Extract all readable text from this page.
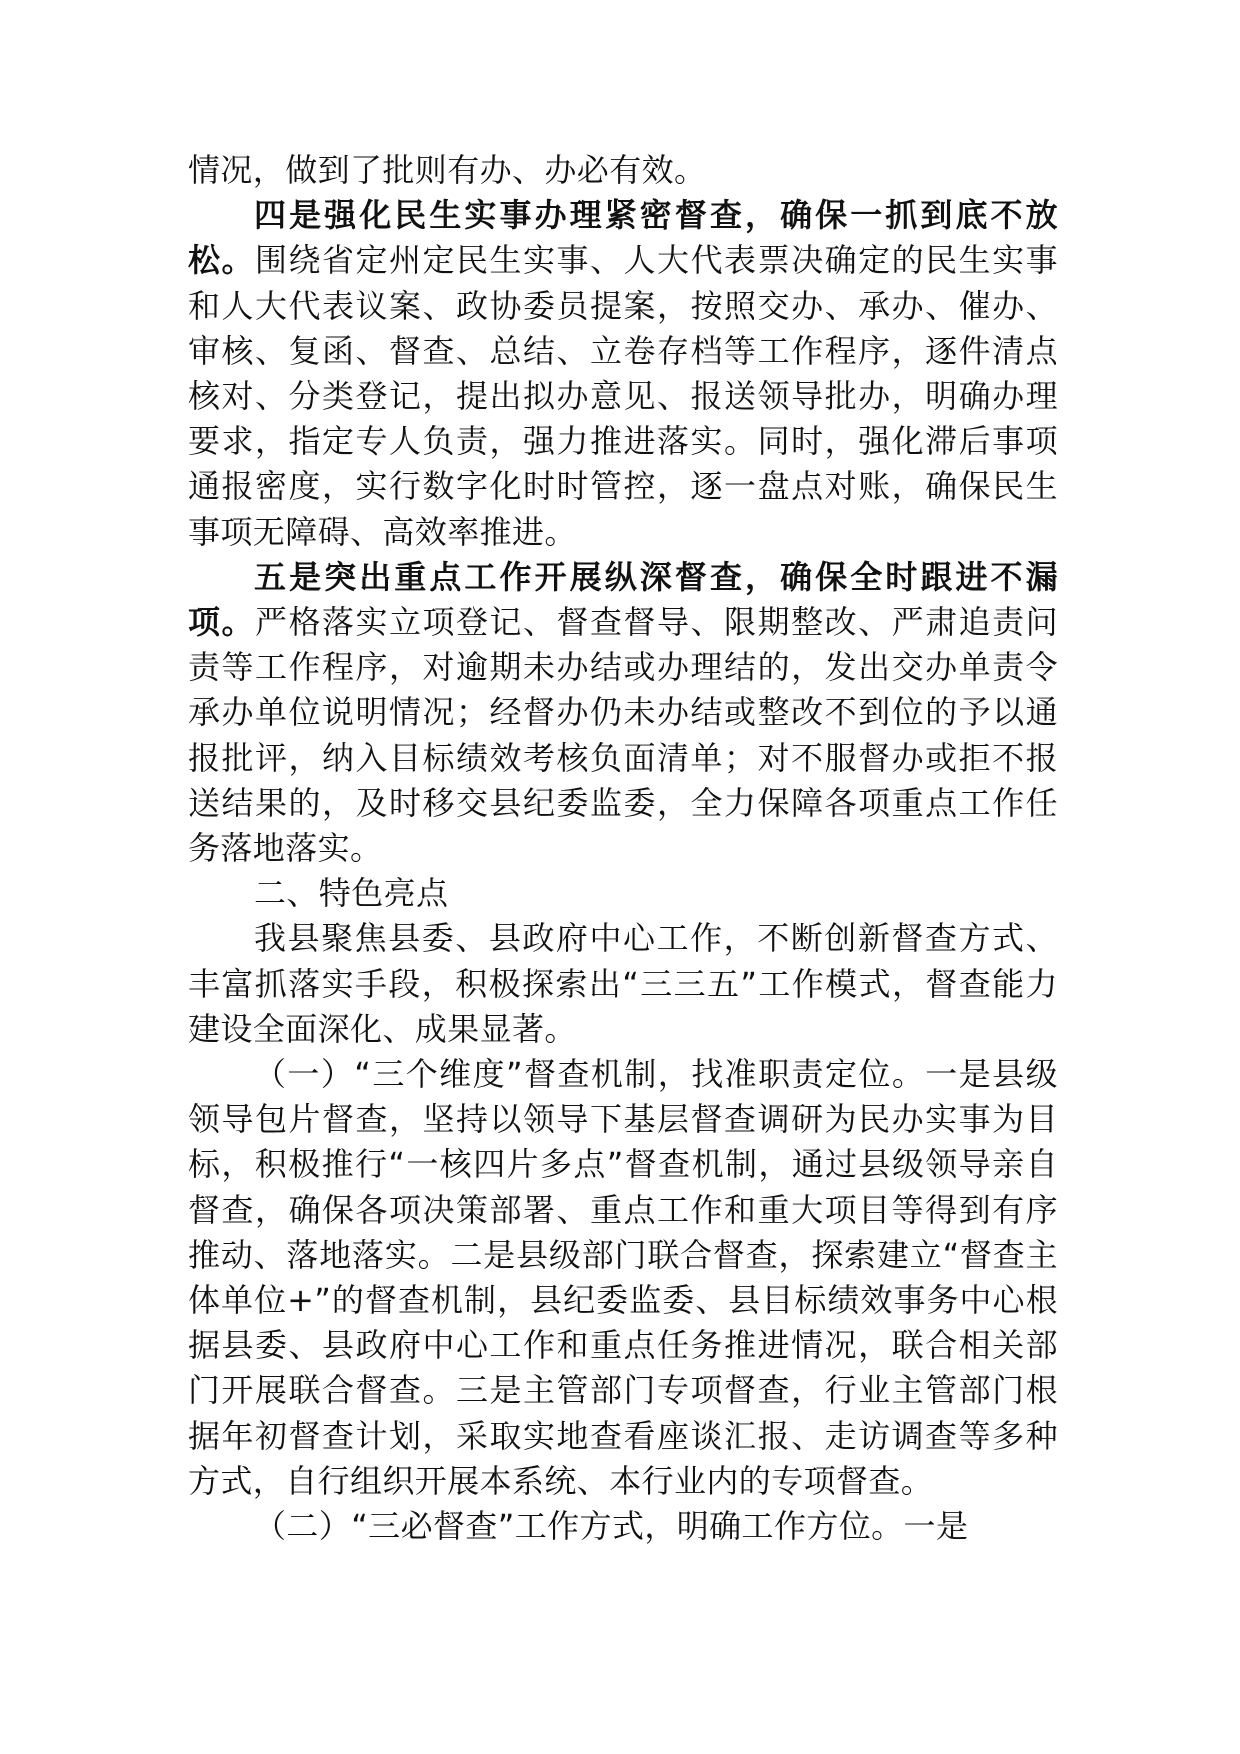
情况，做到了批则有办、办必有效。

四是强化民生实事办理紧密督查，确保一抓到底不放松。围绕省定州定民生实事、人大代表票决确定的民生实事和人大代表议案、政协委员提案，按照交办、承办、催办、审核、复函、督查、总结、立卷存档等工作程序，逐件清点核对、分类登记，提出拟办意见、报送领导批办，明确办理要求，指定专人负责，强力推进落实。同时，强化滞后事项通报密度，实行数字化时时管控，逐一盘点对账，确保民生事项无障碍、高效率推进。

五是突出重点工作开展纵深督查，确保全时跟进不漏项。严格落实立项登记、督查督导、限期整改、严肃追责问责等工作程序，对逾期未办结或办理结的，发出交办单责令承办单位说明情况；经督办仍未办结或整改不到位的予以通报批评，纳入目标绩效考核负面清单；对不服督办或拒不报送结果的，及时移交县纪委监委，全力保障各项重点工作任务落地落实。

二、特色亮点

我县聚焦县委、县政府中心工作，不断创新督查方式、丰富抓落实手段，积极探索出“三三五”工作模式，督查能力建设全面深化、成果显著。

（一）“三个维度”督查机制，找准职责定位。一是县级领导包片督查，坚持以领导下基层督查调研为民办实事为目标，积极推行“一核四片多点”督查机制，通过县级领导亲自督查，确保各项决策部署、重点工作和重大项目等得到有序推动、落地落实。二是县级部门联合督查，探索建立“督查主体单位+”的督查机制，县纪委监委、县目标绩效事务中心根据县委、县政府中心工作和重点任务推进情况，联合相关部门开展联合督查。三是主管部门专项督查，行业主管部门根据年初督查计划，采取实地查看座谈汇报、走访调查等多种方式，自行组织开展本系统、本行业内的专项督查。

（二）“三必督查”工作方式，明确工作方位。一是
